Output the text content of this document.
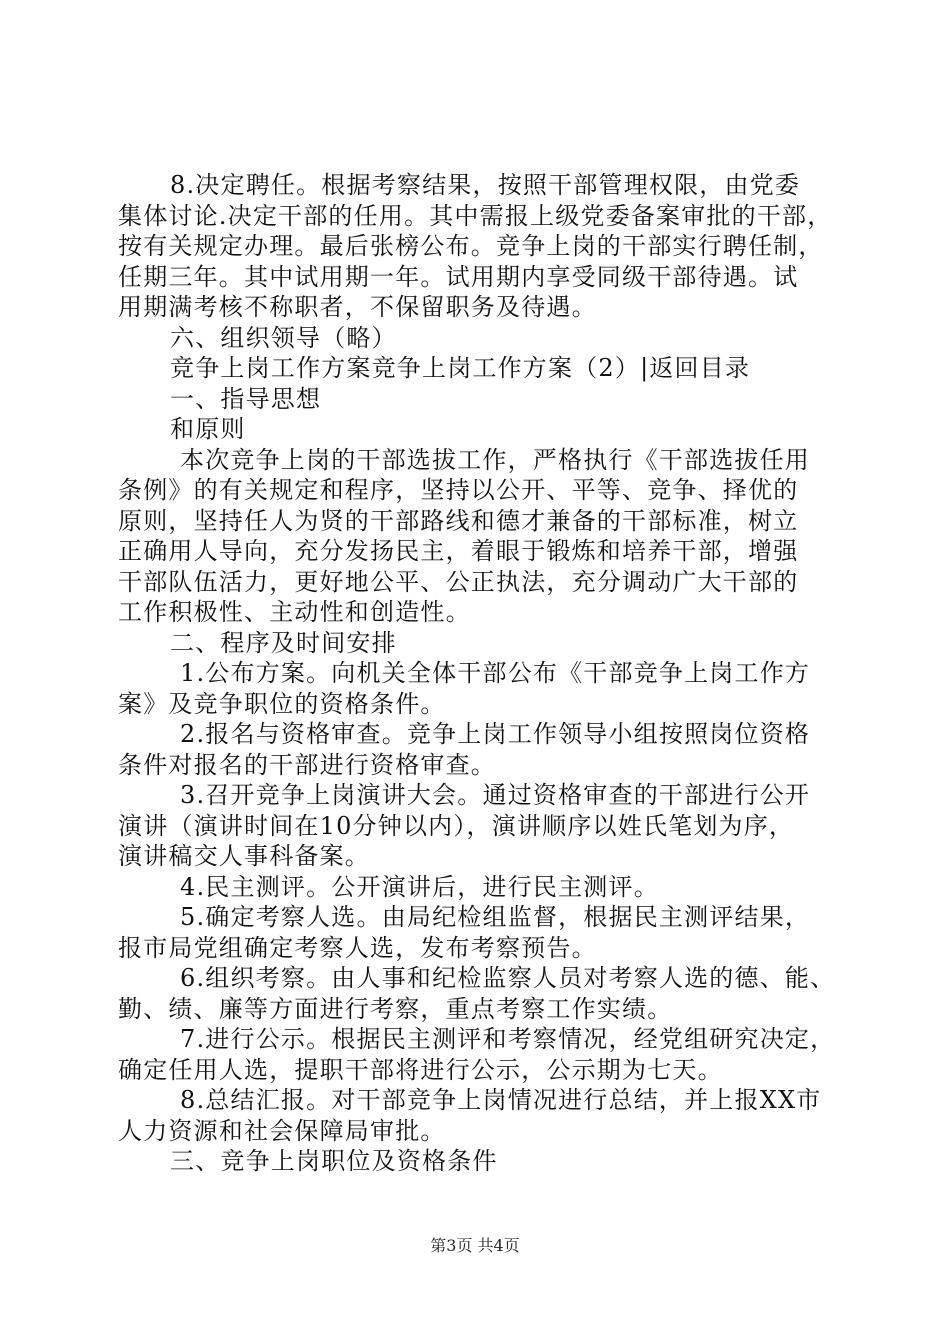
8.决定聘任。根据考察结果，按照干部管理权限，由党委
集体讨论.决定干部的任用。其中需报上级党委备案审批的干部，
按有关规定办理。最后张榜公布。竞争上岗的干部实行聘任制，
任期三年。其中试用期一年。试用期内享受同级干部待遇。试
用期满考核不称职者，不保留职务及待遇。
六、组织领导（略）
竞争上岗工作方案竞争上岗工作方案（2）|返回目录
一、指导思想
和原则
本次竞争上岗的干部选拔工作，严格执行《干部选拔任用
条例》的有关规定和程序，坚持以公开、平等、竞争、择优的
原则，坚持任人为贤的干部路线和德才兼备的干部标准，树立
正确用人导向，充分发扬民主，着眼于锻炼和培养干部，增强
干部队伍活力，更好地公平、公正执法，充分调动广大干部的
工作积极性、主动性和创造性。
二、程序及时间安排
1.公布方案。向机关全体干部公布《干部竞争上岗工作方
案》及竞争职位的资格条件。
2.报名与资格审查。竞争上岗工作领导小组按照岗位资格
条件对报名的干部进行资格审查。
3.召开竞争上岗演讲大会。通过资格审查的干部进行公开
演讲（演讲时间在10分钟以内），演讲顺序以姓氏笔划为序，
演讲稿交人事科备案。
4.民主测评。公开演讲后，进行民主测评。
5.确定考察人选。由局纪检组监督，根据民主测评结果，
报市局党组确定考察人选，发布考察预告。
6.组织考察。由人事和纪检监察人员对考察人选的德、能、
勤、绩、廉等方面进行考察，重点考察工作实绩。
7.进行公示。根据民主测评和考察情况，经党组研究决定，
确定任用人选，提职干部将进行公示，公示期为七天。
8.总结汇报。对干部竞争上岗情况进行总结，并上报XX市
人力资源和社会保障局审批。
三、竞争上岗职位及资格条件
第3页 共4页
